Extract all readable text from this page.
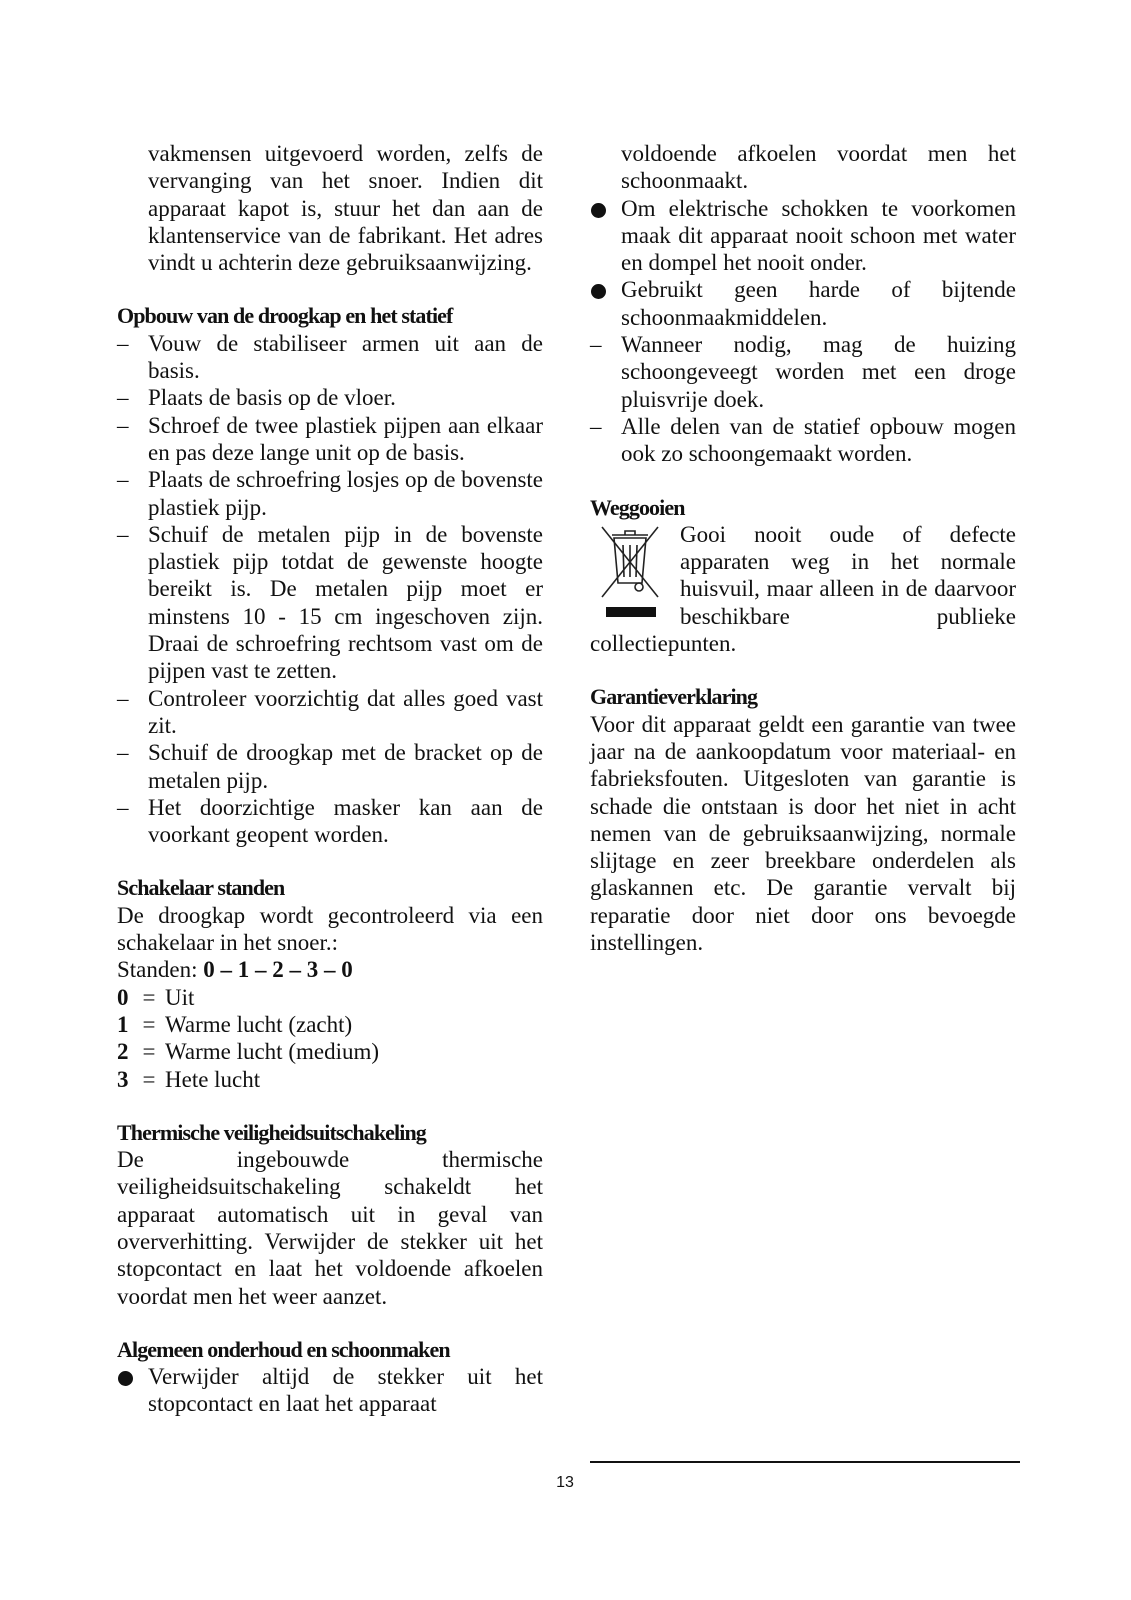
vakmensen uitgevoerd worden, zelfs de vervanging van het snoer. Indien dit apparaat kapot is, stuur het dan aan de klantenservice van de fabrikant. Het adres vindt u achterin deze gebruiksaanwijzing.

Opbouw van de droogkap en het statief
– Vouw de stabiliseer armen uit aan de basis.
– Plaats de basis op de vloer.
– Schroef de twee plastiek pijpen aan elkaar en pas deze lange unit op de basis.
– Plaats de schroefring losjes op de bovenste plastiek pijp.
– Schuif de metalen pijp in de bovenste plastiek pijp totdat de gewenste hoogte bereikt is. De metalen pijp moet er minstens 10 - 15 cm ingeschoven zijn. Draai de schroefring rechtsom vast om de pijpen vast te zetten.
– Controleer voorzichtig dat alles goed vast zit.
– Schuif de droogkap met de bracket op de metalen pijp.
– Het doorzichtige masker kan aan de voorkant geopent worden.
Schakelaar standen

De droogkap wordt gecontroleerd via een schakelaar in het snoer.:

Standen: 0 – 1 – 2 – 3 – 0
0 = Uit
1 = Warme lucht (zacht)
2 = Warme lucht (medium)
3 = Hete lucht
Thermische veiligheidsuitschakeling

De ingebouwde thermische veiligheidsuitschakeling schakeldt het apparaat automatisch uit in geval van oververhitting. Verwijder de stekker uit het stopcontact en laat het voldoende afkoelen voordat men het weer aanzet.

Algemeen onderhoud en schoonmaken
Verwijder altijd de stekker uit het stopcontact en laat het apparaat

voldoende afkoelen voordat men het schoonmaakt.

Om elektrische schokken te voorkomen maak dit apparaat nooit schoon met water en dompel het nooit onder.
Gebruikt geen harde of bijtende schoonmaakmiddelen.
– Wanneer nodig, mag de huizing schoongeveegt worden met een droge pluisvrije doek.
– Alle delen van de statief opbouw mogen ook zo schoongemaakt worden.
Weggooien

Gooi nooit oude of defecte apparaten weg in het normale huisvuil, maar alleen in de daarvoor beschikbare publieke collectiepunten.

Garantieverklaring

Voor dit apparaat geldt een garantie van twee jaar na de aankoopdatum voor materiaal- en fabrieksfouten. Uitgesloten van garantie is schade die ontstaan is door het niet in acht nemen van de gebruiksaanwijzing, normale slijtage en zeer breekbare onderdelen als glaskannen etc. De garantie vervalt bij reparatie door niet door ons bevoegde instellingen.

13
